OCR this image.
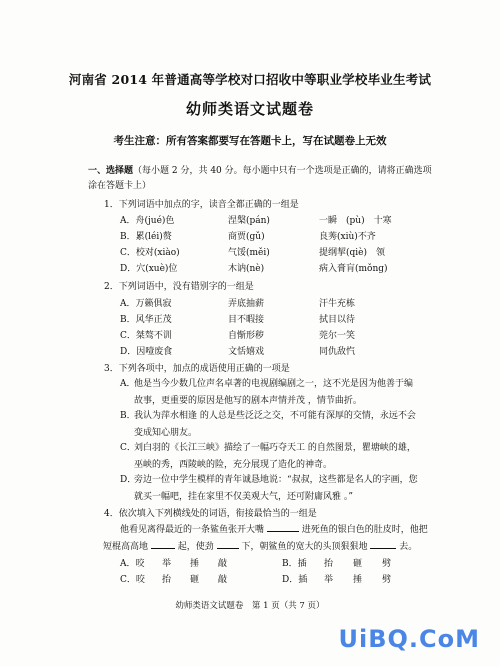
河南省 2014 年普通高等学校对口招收中等职业学校毕业生考试
幼师类语文试题卷
考生注意：所有答案都要写在答题卡上，写在试题卷上无效
一、选择题（每小题 2 分，共 40 分。每小题中只有一个选项是正确的，请将正确选项
涂在答题卡上）
1．下列词语中加点的字，读音全都正确的一组是
A．舟(jué)色	涅槃(pán)	一瞬　(pù)　十寒
B．累(léi)赘	商贾(gǔ)	良莠(xiù)不齐
C．校对(xiào)	气馁(měi)	提纲挈(qiè)　领
D．穴(xuè)位	木讷(nè)	病入膏肓(mǒng)
2．下列词语中，没有错别字的一组是
A．万籁俱寂	弄底抽薪	汗牛充栋
B．风华正茂	目不暇接	拭目以待
C．桀骜不训	自惭形秽	莞尔一笑
D．因噎废食	文恬嬉戏	同仇敌忾
3．下列各项中，加点的成语使用正确的一项是
A．他是当今少数几位声名卓著的电视剧编剧之一，这不光是因为他善于编
故事，更重要的原因是他写的剧本声情并茂 ，情节曲折。
B．我认为萍水相逢 的人总是些泛泛之交，不可能有深厚的交情，永远不会
变成知心朋友。
C．刘白羽的《长江三峡》描绘了一幅巧夺天工 的自然图景，瞿塘峡的雄，
巫峡的秀，西陵峡的险，充分展现了造化的神奇。
D．旁边一位中学生模样的青年诚恳地说：“叔叔，这些都是名人的字画，您
就买一幅吧，挂在家里不仅美观大气，还可附庸风雅 。”
4．依次填入下列横线处的词语，衔接最恰当的一组是
他看见离得最近的一条鲨鱼张开大嘴	进死鱼的银白色的肚皮时，他把
短棍高高地	起，使劲	下，朝鲨鱼的宽大的头顶狠狠地	去。
A．咬 举 捶 敲	B．插 抬 砸 劈
C．咬 抬 砸 敲	D．插 举 捶 劈
幼师类语文试题卷　第 1 页（共 7 页）
UiBQ.CoM
